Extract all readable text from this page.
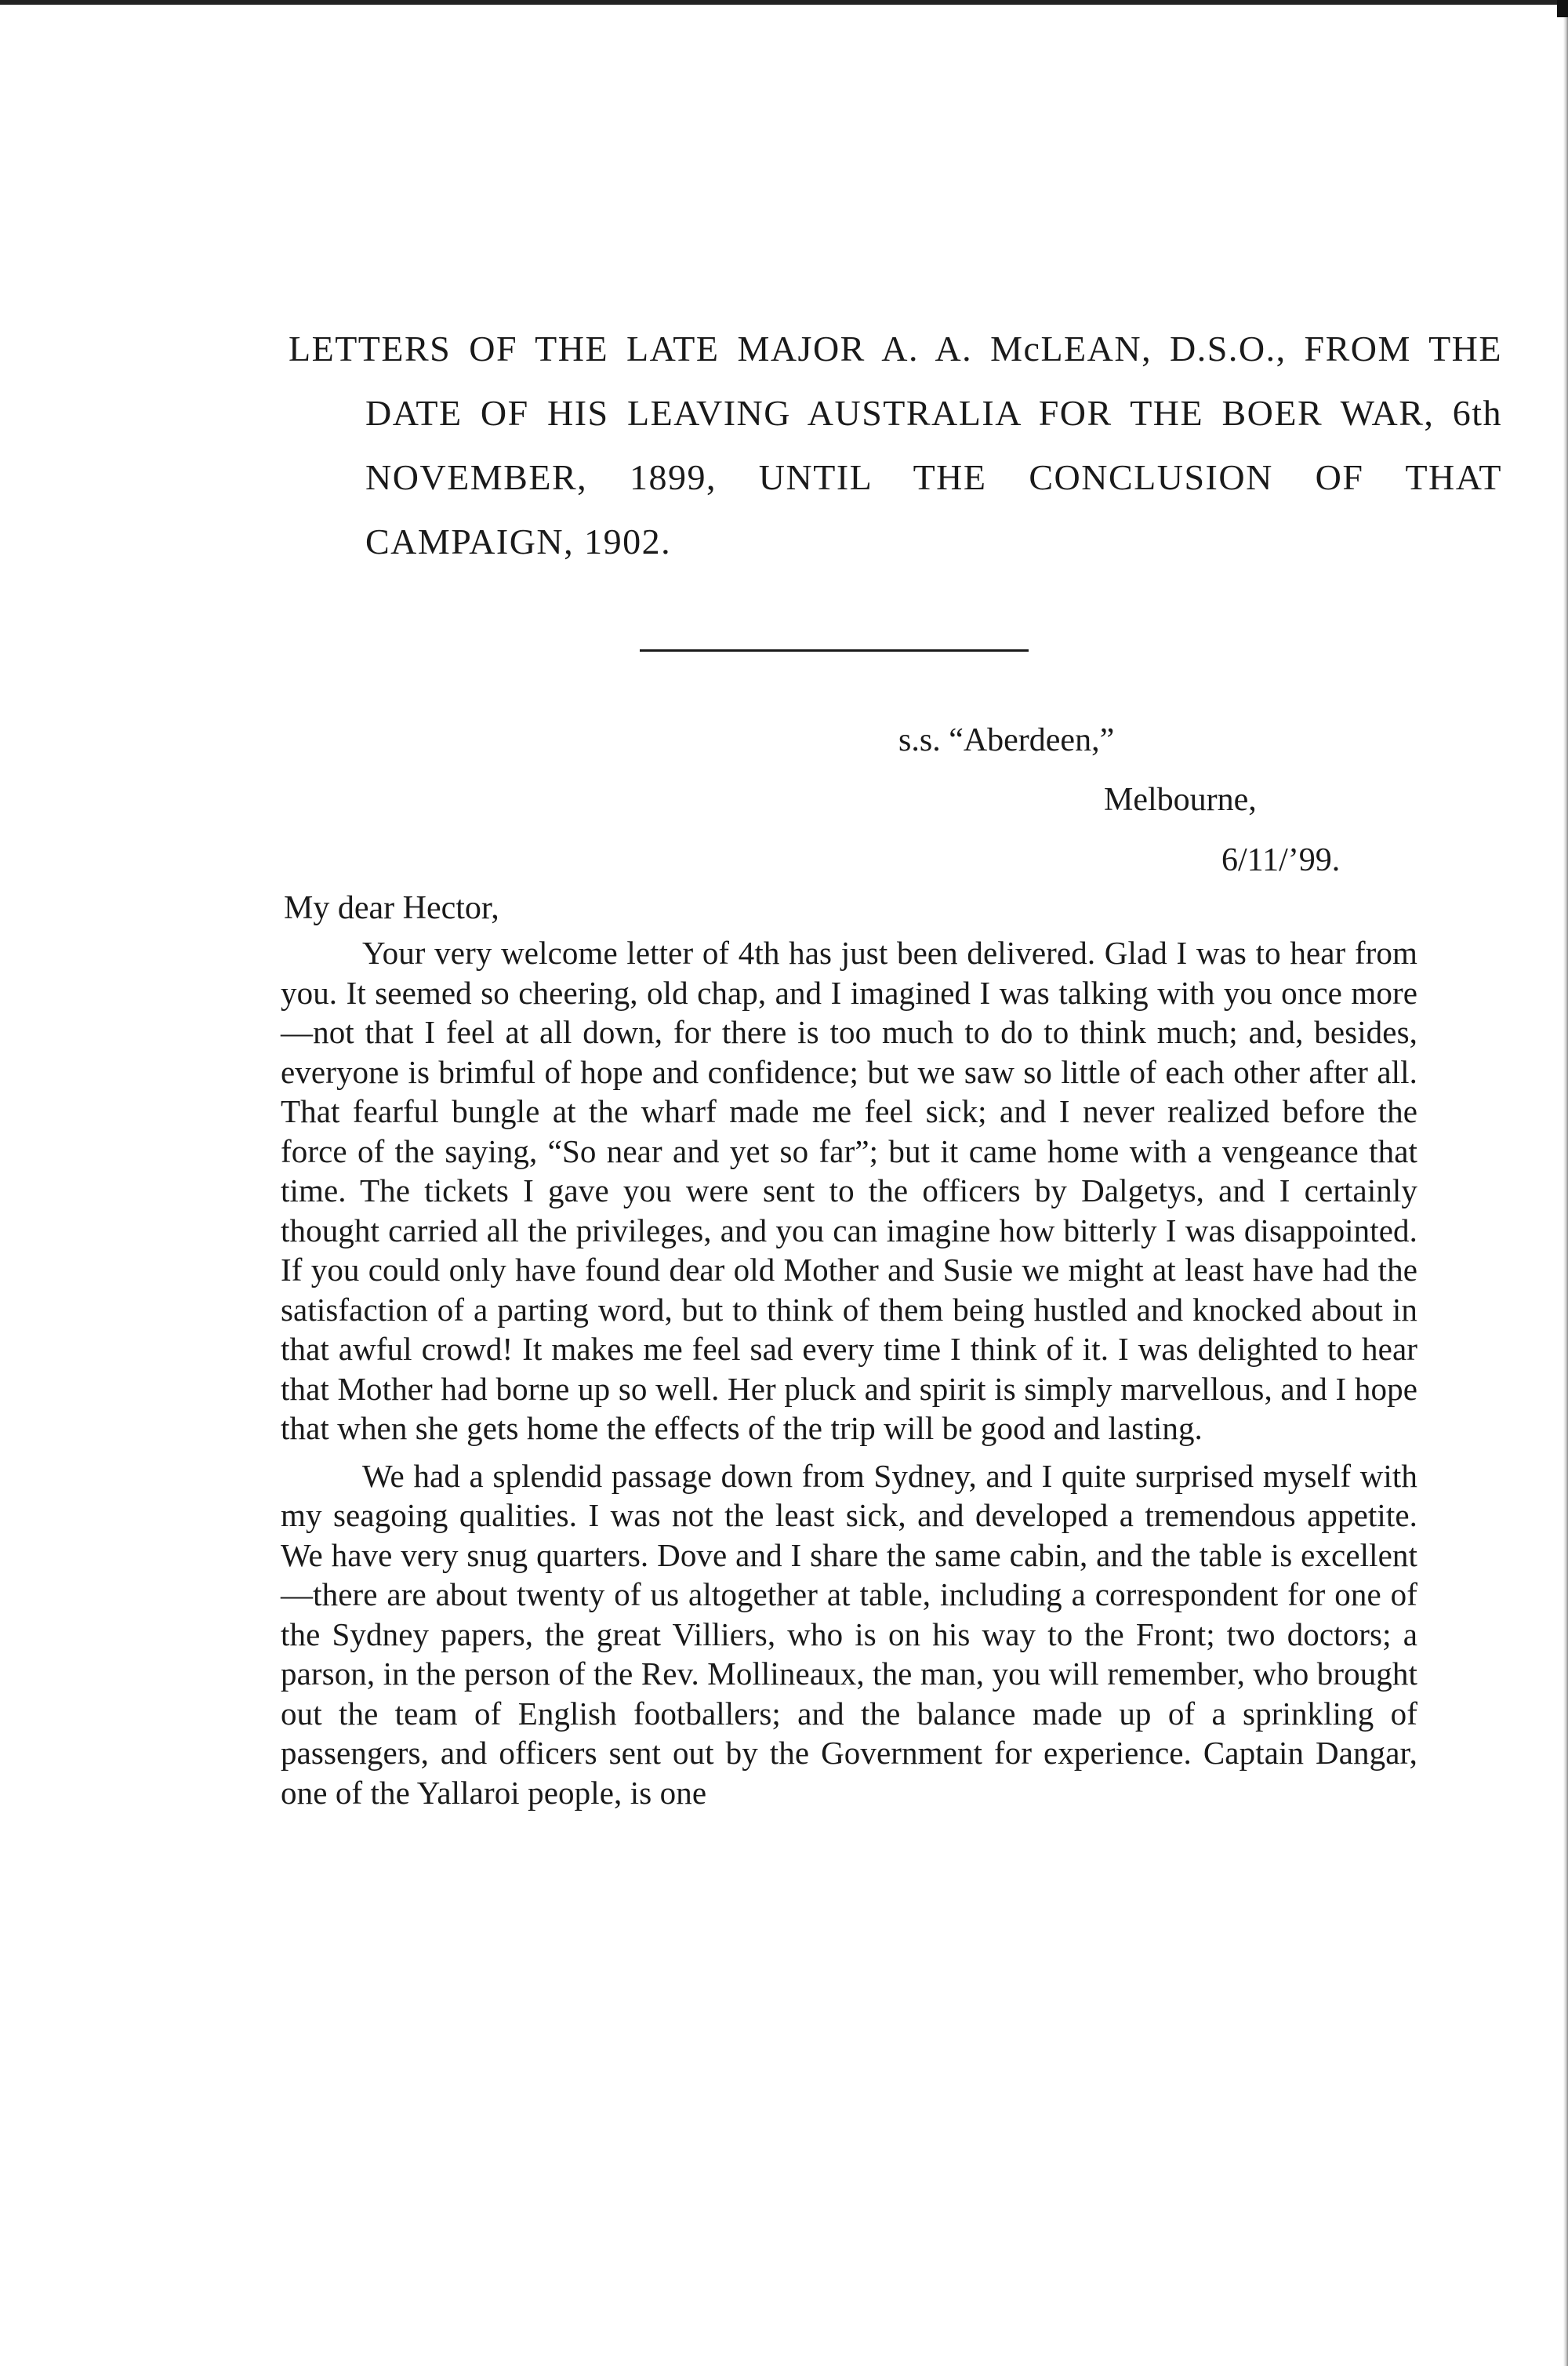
LETTERS OF THE LATE MAJOR A. A. McLEAN, D.S.O., FROM THE DATE OF HIS LEAVING AUSTRALIA FOR THE BOER WAR, 6th NOVEMBER, 1899, UNTIL THE CONCLUSION OF THAT CAMPAIGN, 1902.

s.s. “Aberdeen,”

Melbourne,

6/11/’99.

My dear Hector,

Your very welcome letter of 4th has just been delivered. Glad I was to hear from you. It seemed so cheering, old chap, and I imagined I was talking with you once more—not that I feel at all down, for there is too much to do to think much; and, besides, everyone is brimful of hope and confidence; but we saw so little of each other after all. That fearful bungle at the wharf made me feel sick; and I never realized before the force of the saying, “So near and yet so far”; but it came home with a vengeance that time. The tickets I gave you were sent to the officers by Dalgetys, and I certainly thought carried all the privileges, and you can imagine how bitterly I was disappointed. If you could only have found dear old Mother and Susie we might at least have had the satisfaction of a parting word, but to think of them being hustled and knocked about in that awful crowd! It makes me feel sad every time I think of it. I was delighted to hear that Mother had borne up so well. Her pluck and spirit is simply marvellous, and I hope that when she gets home the effects of the trip will be good and lasting.

We had a splendid passage down from Sydney, and I quite surprised myself with my seagoing qualities. I was not the least sick, and developed a tremendous appetite. We have very snug quarters. Dove and I share the same cabin, and the table is excellent—there are about twenty of us altogether at table, including a correspondent for one of the Sydney papers, the great Villiers, who is on his way to the Front; two doctors; a parson, in the person of the Rev. Mollineaux, the man, you will remember, who brought out the team of English footballers; and the balance made up of a sprinkling of passengers, and officers sent out by the Government for experience. Captain Dangar, one of the Yallaroi people, is one
